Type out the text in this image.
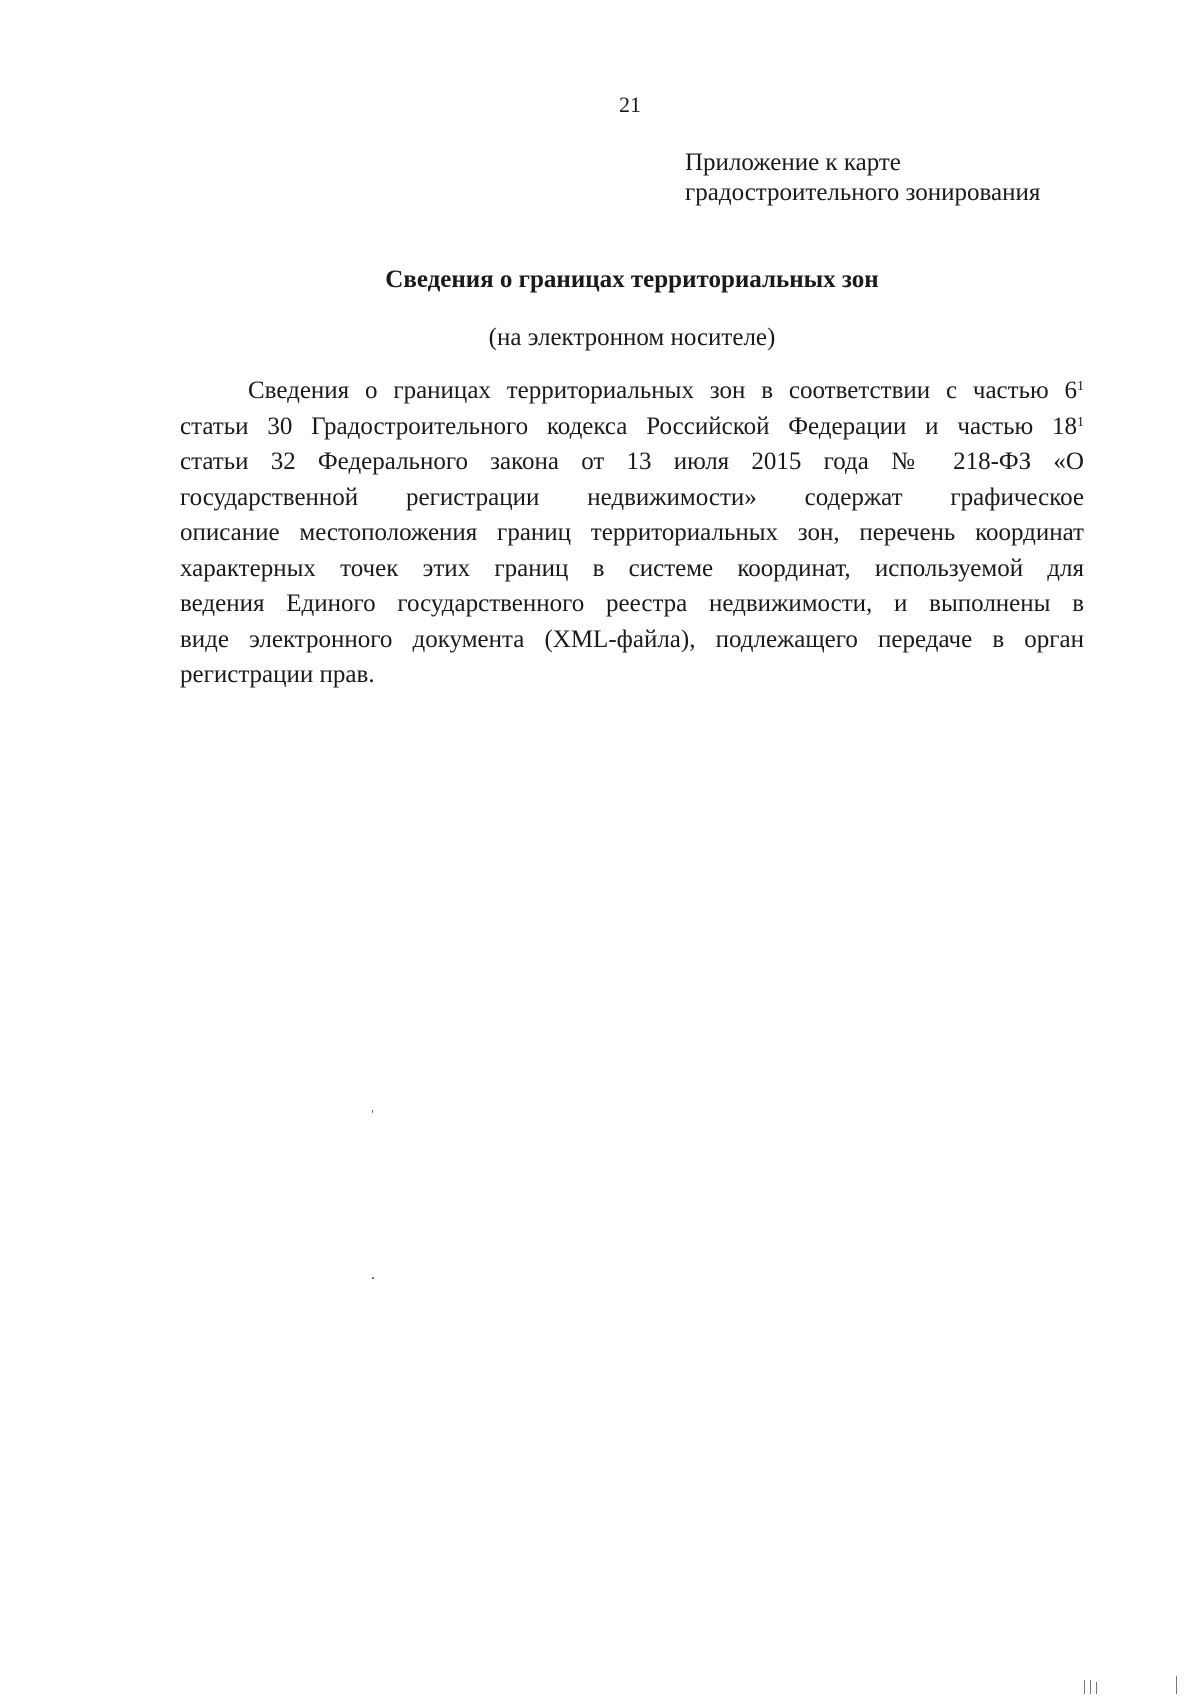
21
Приложение к карте
градостроительного зонирования
Сведения о границах территориальных зон
(на электронном носителе)
Сведения о границах территориальных зон в соответствии с частью $6^1$
статьи 30 Градостроительного кодекса Российской Федерации и частью $18^1$
статьи 32 Федерального закона от 13 июля 2015 года № 218-ФЗ «О
государственной регистрации недвижимости» содержат графическое
описание местоположения границ территориальных зон, перечень координат
характерных точек этих границ в системе координат, используемой для
ведения Единого государственного реестра недвижимости, и выполнены в
виде электронного документа (XML-файла), подлежащего передаче в орган
регистрации прав.
